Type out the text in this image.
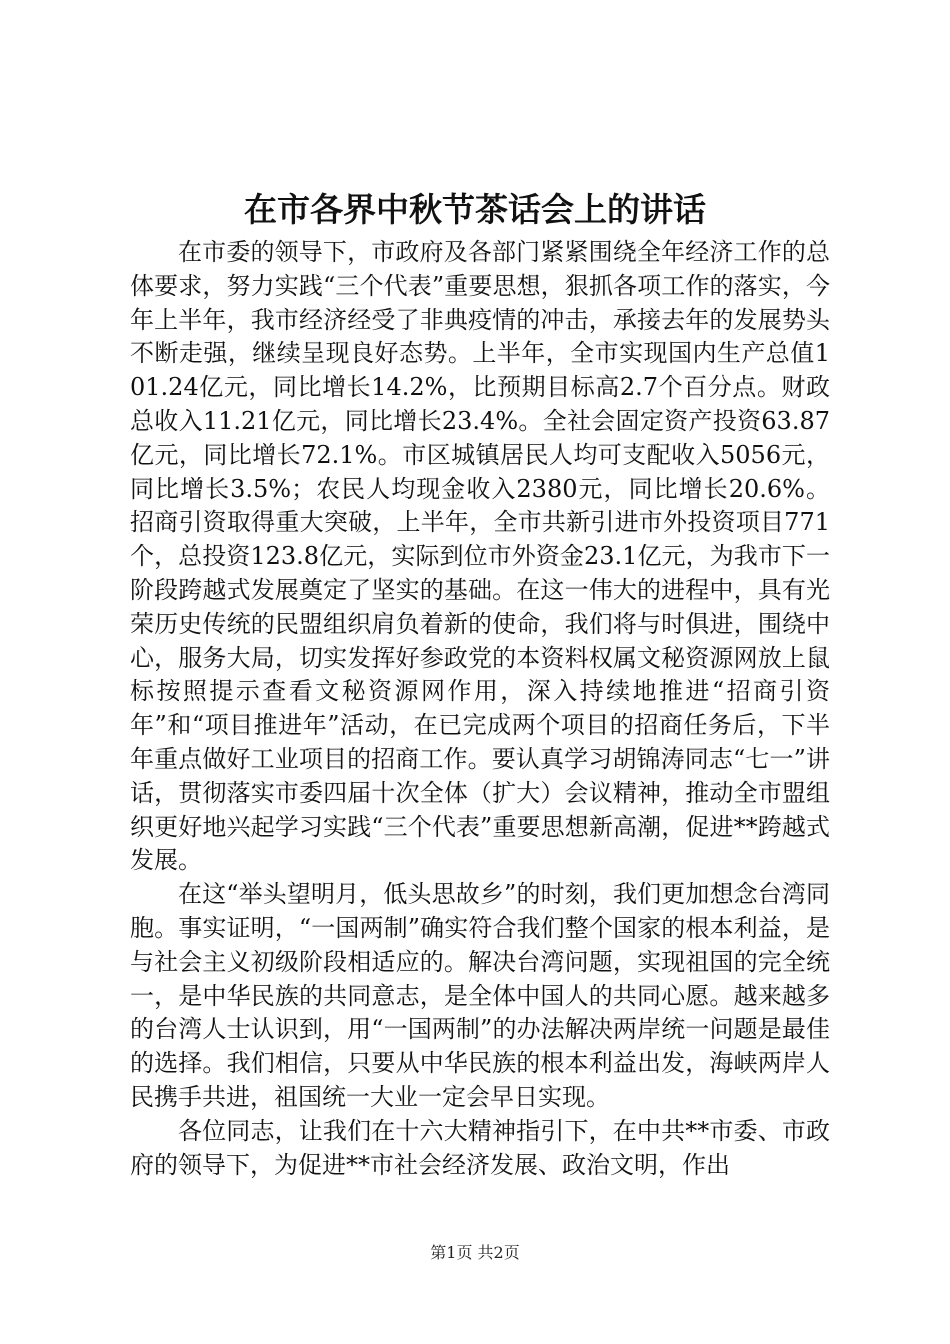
在市各界中秋节茶话会上的讲话

在市委的领导下，市政府及各部门紧紧围绕全年经济工作的总体要求，努力实践“三个代表”重要思想，狠抓各项工作的落实，今年上半年，我市经济经受了非典疫情的冲击，承接去年的发展势头不断走强，继续呈现良好态势。上半年，全市实现国内生产总值101.24亿元，同比增长14.2%，比预期目标高2.7个百分点。财政总收入11.21亿元，同比增长23.4%。全社会固定资产投资63.87亿元，同比增长72.1%。市区城镇居民人均可支配收入5056元，同比增长3.5%；农民人均现金收入2380元，同比增长20.6%。招商引资取得重大突破，上半年，全市共新引进市外投资项目771个，总投资123.8亿元，实际到位市外资金23.1亿元，为我市下一阶段跨越式发展奠定了坚实的基础。在这一伟大的进程中，具有光荣历史传统的民盟组织肩负着新的使命，我们将与时俱进，围绕中心，服务大局，切实发挥好参政党的本资料权属文秘资源网放上鼠标按照提示查看文秘资源网作用，深入持续地推进“招商引资年”和“项目推进年”活动，在已完成两个项目的招商任务后，下半年重点做好工业项目的招商工作。要认真学习胡锦涛同志“七一”讲话，贯彻落实市委四届十次全体（扩大）会议精神，推动全市盟组织更好地兴起学习实践“三个代表”重要思想新高潮，促进**跨越式发展。

在这“举头望明月，低头思故乡”的时刻，我们更加想念台湾同胞。事实证明，“一国两制”确实符合我们整个国家的根本利益，是与社会主义初级阶段相适应的。解决台湾问题，实现祖国的完全统一，是中华民族的共同意志，是全体中国人的共同心愿。越来越多的台湾人士认识到，用“一国两制”的办法解决两岸统一问题是最佳的选择。我们相信，只要从中华民族的根本利益出发，海峡两岸人民携手共进，祖国统一大业一定会早日实现。

各位同志，让我们在十六大精神指引下，在中共**市委、市政府的领导下，为促进**市社会经济发展、政治文明，作出

第1页 共2页
